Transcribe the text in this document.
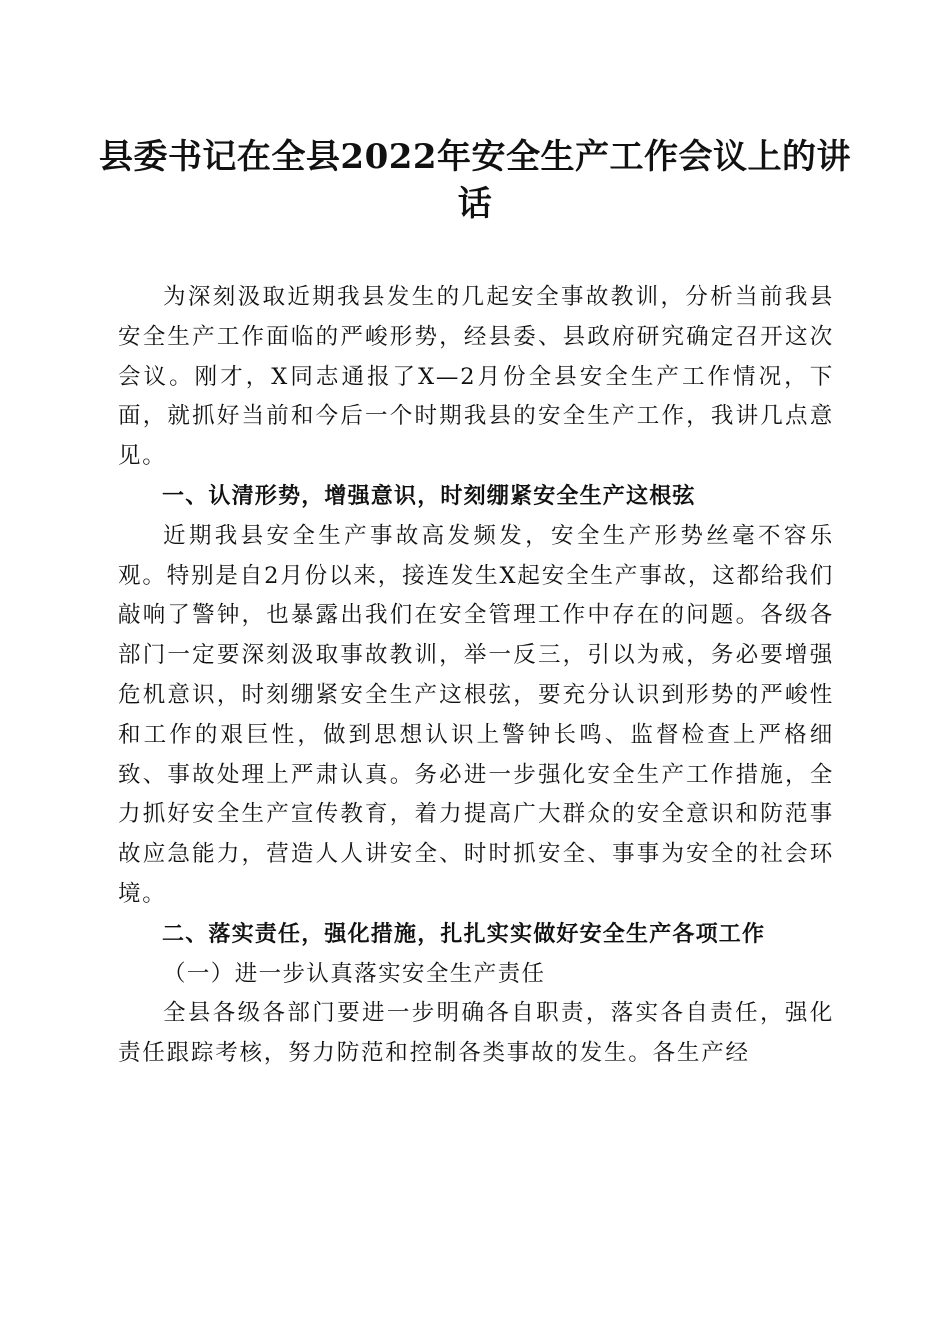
县委书记在全县2022年安全生产工作会议上的讲话

为深刻汲取近期我县发生的几起安全事故教训，分析当前我县安全生产工作面临的严峻形势，经县委、县政府研究确定召开这次会议。刚才，X同志通报了X—2月份全县安全生产工作情况，下面，就抓好当前和今后一个时期我县的安全生产工作，我讲几点意见。

一、认清形势，增强意识，时刻绷紧安全生产这根弦

近期我县安全生产事故高发频发，安全生产形势丝毫不容乐观。特别是自2月份以来，接连发生X起安全生产事故，这都给我们敲响了警钟，也暴露出我们在安全管理工作中存在的问题。各级各部门一定要深刻汲取事故教训，举一反三，引以为戒，务必要增强危机意识，时刻绷紧安全生产这根弦，要充分认识到形势的严峻性和工作的艰巨性，做到思想认识上警钟长鸣、监督检查上严格细致、事故处理上严肃认真。务必进一步强化安全生产工作措施，全力抓好安全生产宣传教育，着力提高广大群众的安全意识和防范事故应急能力，营造人人讲安全、时时抓安全、事事为安全的社会环境。

二、落实责任，强化措施，扎扎实实做好安全生产各项工作

（一）进一步认真落实安全生产责任

全县各级各部门要进一步明确各自职责，落实各自责任，强化责任跟踪考核，努力防范和控制各类事故的发生。各生产经
